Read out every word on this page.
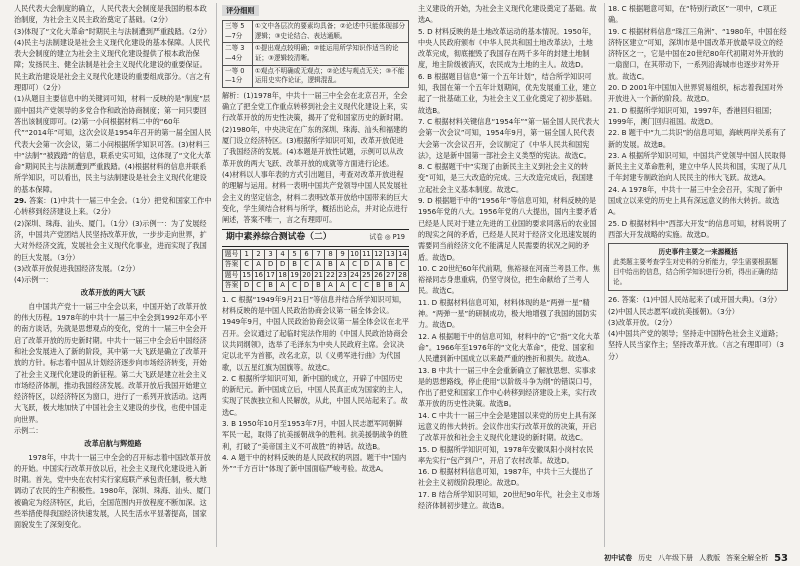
人民代表大会制度的确立，人民代表大会制度是我国的根本政治制度，为社会主义民主政治奠定了基础。（2分）

(3)体现了“文化大革命”时期民主与法制遭到严重践踏。（2分）

(4)民主与法制建设是社会主义现代化建设的基本保障。人民代表大会制度的建立为社会主义现代化建设提供了根本政治保障；发扬民主、健全法制是社会主义现代化建设的重要保证。民主政治建设是社会主义现代化建设的重要组成部分。（言之有理即可）（2分）

(1)从题目主要信息中的关键词可知，材料一反映的是“制度”层面中国共产党领导的多党合作和政治协商制度；第一问只要回答出该制度即可。(2)第一小问根据材料二中的“60年代”“2014年”可知，这次会议是1954年召开的第一届全国人民代表大会第一次会议，第二小问根据所学知识可答。(3)材料三中“法制”“被践踏”的信息，联系史实可知，这体现了“文化大革命”期间民主与法制遭到严重践踏。(4)根据材料的信息并联系所学知识，可以看出，民主与法制建设是社会主义现代化建设的基本保障。

29. 答案：(1)中共十一届三中全会。（1分）把党和国家工作中心转移到经济建设上来。（2分）

(2)深圳、珠海、汕头、厦门。（1分）(3)示例一：为了发展经济，中国共产党团结人民坚持改革开放，一步步走向世界，扩大对外经济交流，发展社会主义现代化事业，进而实现了我国的巨大发展。（3分）

(3)改革开放促进我国经济发展。（2分）

(4)示例一：

改革开放的两大飞跃

自中国共产党十一届三中全会以来，中国开始了改革开放的伟大历程。1978年的中共十一届三中全会到1992年邓小平的南方谈话，先就是思想观点的变化，党的十一届三中全会开启了改革开放的历史新时期。中共十一届三中全会后中国经济和社会发展进入了新的阶段，其中第一大飞跃是确立了改革开放的方针。标志着中国从计划经济逐步向市场经济转变，开始了社会主义现代化建设的新征程。第二大飞跃是建立社会主义市场经济体制，推动我国经济发展。改革开放后我国开始建立经济特区，以经济特区为窗口，进行了一系列开放活动。这两大飞跃，极大地加快了中国社会主义建设的步伐，也使中国走向世界。

示例二：

改革启航与辉煌路

1978年，中共十一届三中全会的召开标志着中国改革开放的开始。中国实行改革开放以后，社会主义现代化建设进入新时期。首先，党中央在农村实行家庭联产承包责任制，极大地调动了农民的生产积极性。1980年，深圳、珠海、汕头、厦门被确定为经济特区，此后，全国范围内开放程度不断加深。这些举措使得我国经济快速发展，人民生活水平显著提高，国家面貌发生了深刻变化。

评分细则
三等 5—7分	①文中各层次的要素均具备；②论述中只能体现部分逻辑；③史论结合、表达通顺。
二等 3—4分	①提出观点较明确；②能运用所学知识作适当的论证；③逻辑较清晰。
一等 0—1分	①观点不明确或无观点；②论述与观点无关；③不能运用史实作论证，逻辑混乱。

解析：(1)1978年，中共十一届三中全会在北京召开，全会确立了把全党工作重点转移到社会主义现代化建设上来，实行改革开放的历史性决策，揭开了党和国家历史的新时期。(2)1980年，中央决定在广东的深圳、珠海、汕头和福建的厦门设立经济特区。(3)根据所学知识可知，改革开放促进了我国经济的发展。(4)本题是开放性试题，示例可以从改革开放的两大飞跃、改革开放的成就等方面进行论述。

(4)材料以人事年表的方式引出题目，考查对改革开放进程的理解与运用。材料一表明中国共产党领导中国人民发展社会主义的坚定信念，材料二表明改革开放给中国带来的巨大变化，学生须结合材料与所学，概括出论点，并对论点进行阐述，答案不唯一，言之有理即可。

期中素养综合测试卷（二）	试卷 ◎ P19
题号	1	2	3	4	5	6	7	8	9	10	11	12	13	14
答案	C	A	D	D	B	C	A	B	A	C	D	A	B	C
题号	15	16	17	18	19	20	21	22	23	24	25	26	27	28
答案	D	C	B	A	C	D	B	A	A	C	C	B	B	A

1. C 根据“1949年9月21日”等信息并结合所学知识可知，材料反映的是中国人民政治协商会议第一届全体会议。1949年9月，中国人民政治协商会议第一届全体会议在北平召开。会议通过了起临时宪法作用的《中国人民政治协商会议共同纲领》，选举了毛泽东为中央人民政府主席。会议决定以北平为首都，改名北京，以《义勇军进行曲》为代国歌，以五星红旗为国旗等。故选C。

2. C 根据所学知识可知，新中国的成立，开辟了中国历史的新纪元。新中国成立后，中国人民真正成为国家的主人，实现了民族独立和人民解放，从此，中国人民站起来了。故选C。

3. B 1950年10月至1953年7月，中国人民志愿军同朝鲜军民一起，取得了抗美援朝战争的胜利。抗美援朝战争的胜利，打破了“美帝国主义不可战胜”的神话。故选B。

4. A 题干中的材料反映的是人民政权的巩固。题干中“国内外”“千方百计”体现了新中国面临严峻考验。故选A。

主义建设的开始，为社会主义现代化建设奠定了基础。故选A。

5. D 材料反映的是土地改革运动的基本情况。1950年，中央人民政府颁布《中华人民共和国土地改革法》，土地改革完成，彻底摧毁了我国存在两千多年的封建土地制度，地主阶级被消灭，农民成为土地的主人。故选D。

6. B 根据题目信息“第一个五年计划”，结合所学知识可知，我国在第一个五年计划期间，优先发展重工业，建立起了一批基础工业，为社会主义工业化奠定了初步基础。故选B。

7. C 根据材料关键信息“1954年”“第一届全国人民代表大会第一次会议”可知，1954年9月，第一届全国人民代表大会第一次会议召开，会议制定了《中华人民共和国宪法》，这是新中国第一部社会主义类型的宪法。故选C。

8. C 根据题干中“实现了由新民主主义到社会主义的转变”可知，是三大改造的完成。三大改造完成后，我国建立起社会主义基本制度。故选C。

9. D 根据题干中的“1956年”等信息可知，材料反映的是1956年党的八大。1956年党的八大提出，国内主要矛盾已经是人民对于建立先进的工业国的要求同落后的农业国的现实之间的矛盾，已经是人民对于经济文化迅速发展的需要同当前经济文化不能满足人民需要的状况之间的矛盾。故选D。

10. C 20世纪60年代前期，焦裕禄在河南兰考县工作。焦裕禄同志身患重病，仍坚守岗位，把生命献给了兰考人民。故选C。

11. D 根据材料信息可知，材料体现的是“两弹一星”精神。“两弹一星”的研制成功，极大地增强了我国的国防实力。故选D。

12. A 根据题干中的信息可知，材料中的“它”指“文化大革命”。1966年至1976年的“文化大革命”，使党、国家和人民遭到新中国成立以来最严重的挫折和损失。故选A。

13. B 中共十一届三中全会重新确立了解放思想、实事求是的思想路线，停止使用“以阶级斗争为纲”的错误口号，作出了把党和国家工作中心转移到经济建设上来，实行改革开放的历史性决策。故选B。

14. C 中共十一届三中全会是建国以来党的历史上具有深远意义的伟大转折。会议作出实行改革开放的决策，开启了改革开放和社会主义现代化建设的新时期。故选C。

15. D 根据所学知识可知，1978年安徽凤阳小岗村农民率先实行“包产到户”，开启了农村改革。故选D。

16. D 根据材料信息可知，1987年，中共十三大提出了社会主义初级阶段理论。故选D。

17. B 结合所学知识可知，20世纪90年代，社会主义市场经济体制初步建立。故选B。

18. C 根据题意可知，在“特别行政区”一项中，C项正确。

19. C 根据材料信息“珠江三角洲”、“1980年，中国在经济特区建立”可知，深圳市是中国改革开放最早设立的经济特区之一，它是中国在20世纪80年代初期对外开放的一扇窗口，在其带动下，一系列沿海城市也逐步对外开放。故选C。

20. D 2001年中国加入世界贸易组织，标志着我国对外开放进入一个新的阶段。故选D。

21. D 根据所学知识可知，1997年，香港回归祖国；1999年，澳门回归祖国。故选D。

22. B 题干中“九二共识”的信息可知，海峡两岸关系有了新的发展。故选B。

23. A 根据所学知识可知，中国共产党领导中国人民取得新民主主义革命胜利，建立中华人民共和国，实现了从几千年封建专制政治向人民民主的伟大飞跃。故选A。

24. A 1978年，中共十一届三中全会召开，实现了新中国成立以来党的历史上具有深远意义的伟大转折。故选A。

25. D 根据材料中“西部大开发”的信息可知，材料说明了西部大开发战略的实施。故选D。

历史事件主要之一来源概括
此类题主要考查学生对史料的分析能力，学生需要根据题目中给出的信息，结合所学知识进行分析，得出正确的结论。

26. 答案：(1)中国人民站起来了(或开国大典)。（3分）

(2)中国人民志愿军(或抗美援朝)。（3分）

(3)改革开放。（2分）

(4)中国共产党的领导；坚持走中国特色社会主义道路；坚持人民当家作主；坚持改革开放。（言之有理即可）（3分）

初中试卷 历史 八年级下册 人教版 答案全解全析 53
